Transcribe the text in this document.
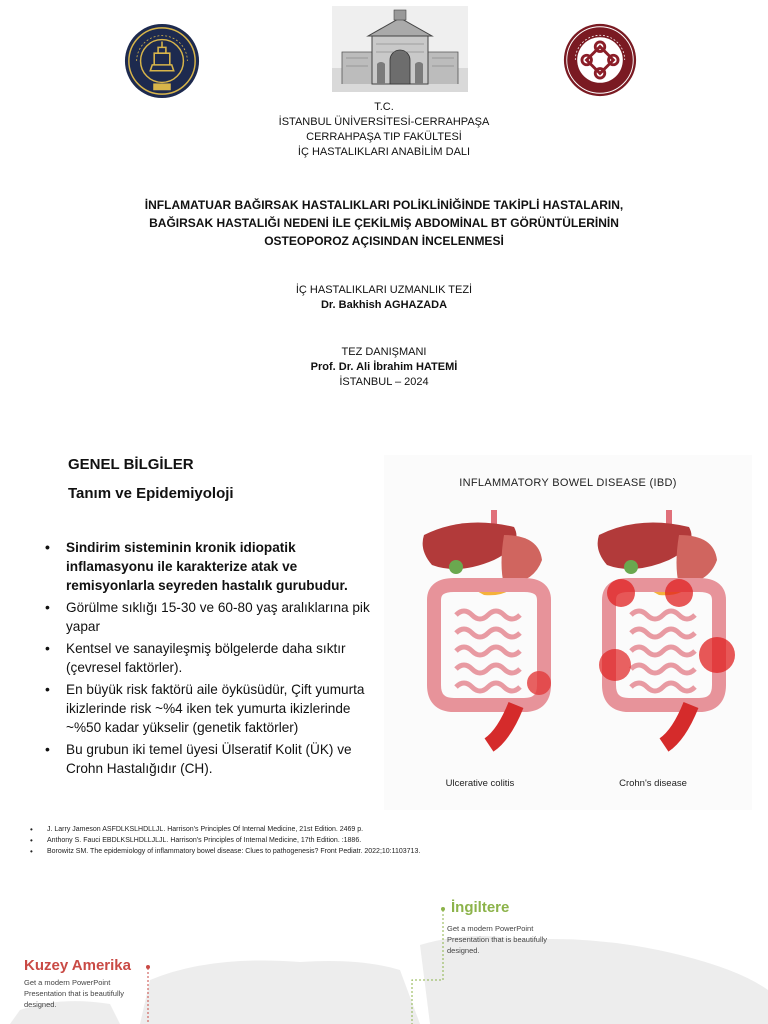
T.C.
İSTANBUL ÜNİVERSİTESİ-CERRAHPAŞA
CERRAHPAŞA TIP FAKÜLTESİ
İÇ HASTALIKLARI ANABİLİM DALI
İNFLAMATUAR BAĞIRSAK HASTALIKLARI POLİKLİNİĞİNDE TAKİPLİ HASTALARIN,
BAĞIRSAK HASTALIĞI NEDENİ İLE ÇEKİLMİŞ ABDOMİNAL BT GÖRÜNTÜLERİNİN
OSTEOPOROZ AÇISINDAN İNCELENMESİ
İÇ HASTALIKLARI UZMANLIK TEZİ
Dr. Bakhish AGHAZADA
TEZ DANIŞMANI
Prof. Dr. Ali İbrahim HATEMİ
İSTANBUL – 2024
GENEL BİLGİLER
Tanım ve Epidemiyoloji
• Sindirim sisteminin kronik idiopatik inflamasyonu ile karakterize atak ve remisyonlarla seyreden hastalık gurubudur.
• Görülme sıklığı 15-30 ve 60-80 yaş aralıklarına pik yapar
• Kentsel ve sanayileşmiş bölgelerde daha sıktır (çevresel faktörler).
• En büyük risk faktörü aile öyküsüdür, Çift yumurta ikizlerinde risk ~%4 iken tek yumurta ikizlerinde ~%50 kadar yükselir (genetik faktörler)
• Bu grubun iki temel üyesi Ülseratif Kolit (ÜK) ve Crohn Hastalığıdır (CH).
• J. Larry Jameson ASFDLKSLHDLLJL. Harrison's Principles Of Internal Medicine, 21st Edition. 2469 p.
• Anthony S. Fauci EBDLKSLHDLLJLJL. Harrison's Principles of Internal Medicine, 17th Edition. :1886.
• Borowitz SM. The epidemiology of inflammatory bowel disease: Clues to pathogenesis? Front Pediatr. 2022;10:1103713.
INFLAMMATORY BOWEL DISEASE (IBD)
Ulcerative colitis	Crohn's disease
Kuzey Amerika
Get a modern PowerPoint Presentation that is beautifully designed.
İngiltere
Get a modern PowerPoint Presentation that is beautifully designed.
